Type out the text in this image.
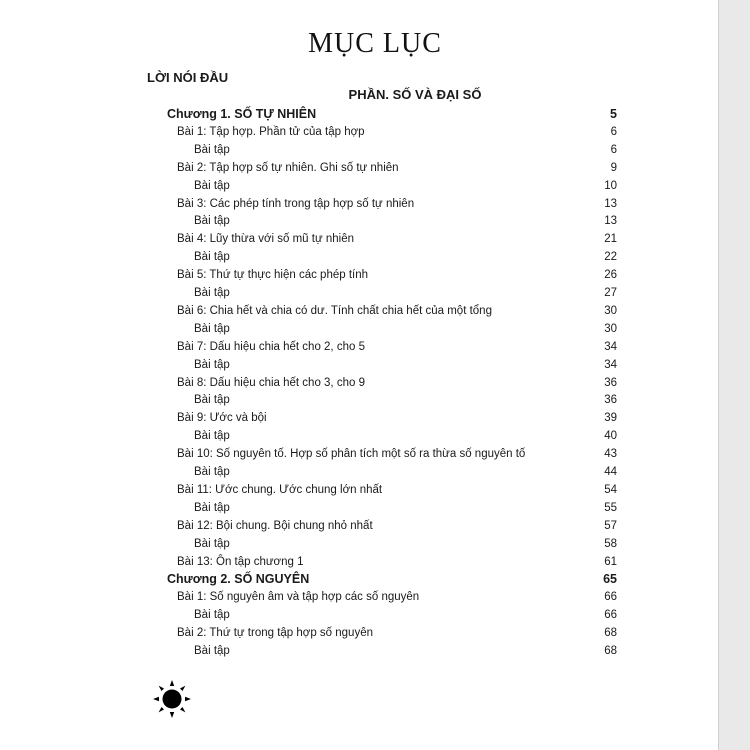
MỤC LỤC
LỜI NÓI ĐẦU
PHẦN. SỐ VÀ ĐẠI SỐ
Chương 1. SỐ TỰ NHIÊN	5
Bài 1: Tập hợp. Phần tử của tập hợp	6
Bài tập	6
Bài 2: Tập hợp số tự nhiên. Ghi số tự nhiên	9
Bài tập	10
Bài 3: Các phép tính trong tập hợp số tự nhiên	13
Bài tập	13
Bài 4: Lũy thừa với số mũ tự nhiên	21
Bài tập	22
Bài 5: Thứ tự thực hiện các phép tính	26
Bài tập	27
Bài 6: Chia hết và chia có dư. Tính chất chia hết của một tổng	30
Bài tập	30
Bài 7: Dấu hiệu chia hết cho 2, cho 5	34
Bài tập	34
Bài 8: Dấu hiệu chia hết cho 3, cho 9	36
Bài tập	36
Bài 9: Ước và bội	39
Bài tập	40
Bài 10: Số nguyên tố. Hợp số phân tích một số ra thừa số nguyên tố	43
Bài tập	44
Bài 11: Ước chung. Ước chung lớn nhất	54
Bài tập	55
Bài 12: Bội chung. Bội chung nhỏ nhất	57
Bài tập	58
Bài 13: Ôn tập chương 1	61
Chương 2. SỐ NGUYÊN	65
Bài 1: Số nguyên âm và tập hợp các số nguyên	66
Bài tập	66
Bài 2: Thứ tự trong tập hợp số nguyên	68
Bài tập	68
